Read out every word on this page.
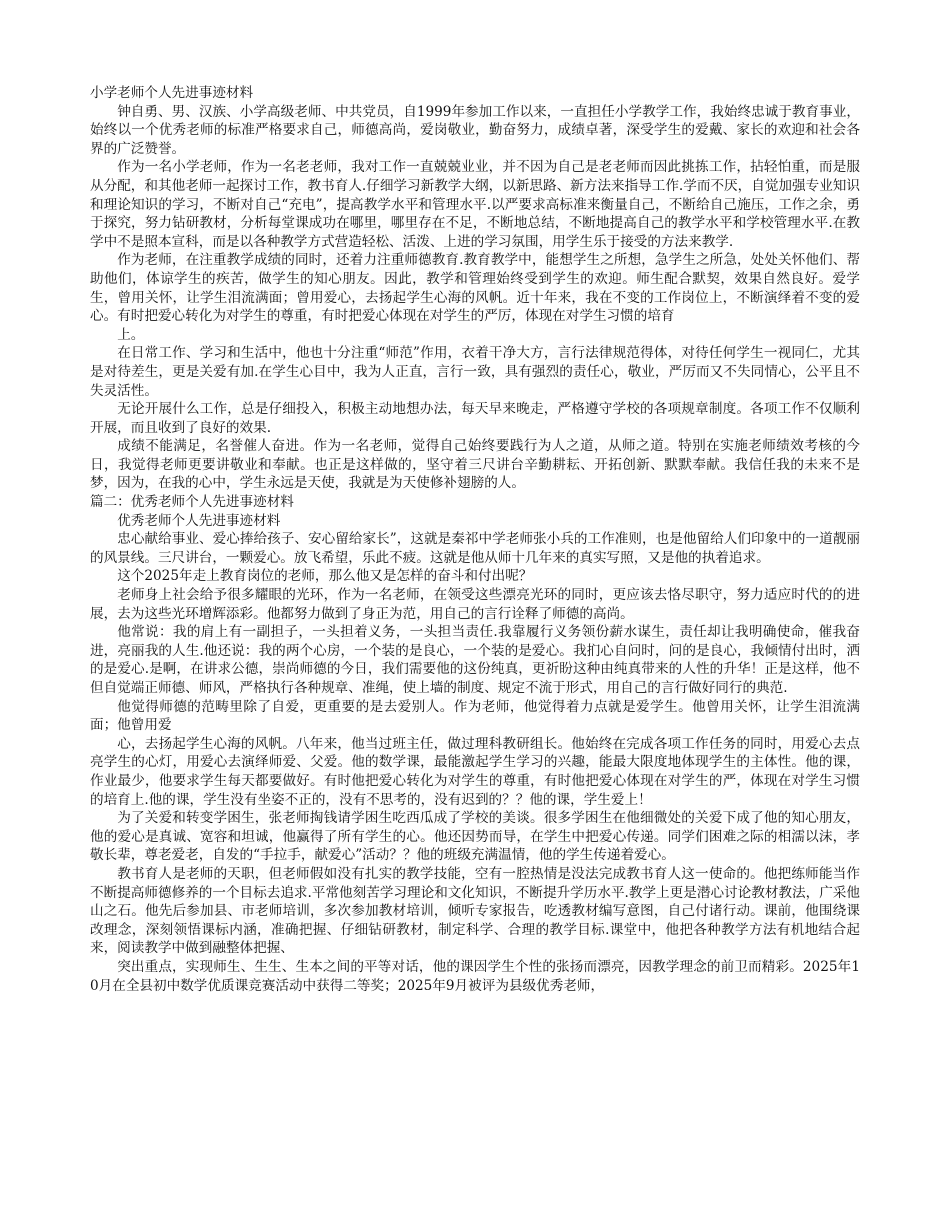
小学老师个人先进事迹材料

钟自勇、男、汉族、小学高级老师、中共党员，自1999年参加工作以来，一直担任小学教学工作，我始终忠诚于教育事业，始终以一个优秀老师的标准严格要求自己，师德高尚，爱岗敬业，勤奋努力，成绩卓著，深受学生的爱戴、家长的欢迎和社会各界的广泛赞誉。

作为一名小学老师，作为一名老老师，我对工作一直兢兢业业，并不因为自己是老老师而因此挑拣工作，拈轻怕重，而是服从分配，和其他老师一起探讨工作，教书育人.仔细学习新教学大纲，以新思路、新方法来指导工作.学而不厌，自觉加强专业知识和理论知识的学习，不断对自己“充电”，提高教学水平和管理水平.以严要求高标准来衡量自己，不断给自己施压，工作之余，勇于探究，努力钻研教材，分析每堂课成功在哪里，哪里存在不足，不断地总结，不断地提高自己的教学水平和学校管理水平.在教学中不是照本宣科，而是以各种教学方式营造轻松、活泼、上进的学习氛围，用学生乐于接受的方法来教学.

作为老师，在注重教学成绩的同时，还着力注重师德教育.教育教学中，能想学生之所想，急学生之所急，处处关怀他们、帮助他们，体谅学生的疾苦，做学生的知心朋友。因此，教学和管理始终受到学生的欢迎。师生配合默契，效果自然良好。爱学生，曾用关怀，让学生泪流满面；曾用爱心，去扬起学生心海的风帆。近十年来，我在不变的工作岗位上，不断演绎着不变的爱心。有时把爱心转化为对学生的尊重，有时把爱心体现在对学生的严厉，体现在对学生习惯的培育

上。

在日常工作、学习和生活中，他也十分注重“师范”作用，衣着干净大方，言行法律规范得体，对待任何学生一视同仁，尤其是对待差生，更是关爱有加.在学生心目中，我为人正直，言行一致，具有强烈的责任心，敬业，严厉而又不失同情心，公平且不失灵活性。

无论开展什么工作，总是仔细投入，积极主动地想办法，每天早来晚走，严格遵守学校的各项规章制度。各项工作不仅顺利开展，而且收到了良好的效果.

成绩不能满足，名誉催人奋进。作为一名老师，觉得自己始终要践行为人之道，从师之道。特别在实施老师绩效考核的今日，我觉得老师更要讲敬业和奉献。也正是这样做的，坚守着三尺讲台辛勤耕耘、开拓创新、默默奉献。我信任我的未来不是梦，因为，在我的心中，学生永远是天使，我就是为天使修补翅膀的人。

篇二：优秀老师个人先进事迹材料

优秀老师个人先进事迹材料

忠心献给事业、爱心捧给孩子、安心留给家长”，这就是秦祁中学老师张小兵的工作准则，也是他留给人们印象中的一道靓丽的风景线。三尺讲台，一颗爱心。放飞希望，乐此不疲。这就是他从师十几年来的真实写照，又是他的执着追求。

这个2025年走上教育岗位的老师，那么他又是怎样的奋斗和付出呢？

老师身上社会给予很多耀眼的光环，作为一名老师，在领受这些漂亮光环的同时，更应该去恪尽职守，努力适应时代的的进展，去为这些光环增辉添彩。他都努力做到了身正为范，用自己的言行诠释了师德的高尚。

他常说：我的肩上有一副担子，一头担着义务，一头担当责任.我靠履行义务领份薪水谋生，责任却让我明确使命，催我奋进，亮丽我的人生.他还说：我的两个心房，一个装的是良心，一个装的是爱心。我扪心自问时，问的是良心，我倾情付出时，洒的是爱心.是啊，在讲求公德，崇尚师德的今日，我们需要他的这份纯真，更祈盼这种由纯真带来的人性的升华！正是这样，他不但自觉端正师德、师风，严格执行各种规章、准绳，使上墙的制度、规定不流于形式，用自己的言行做好同行的典范.

他觉得师德的范畴里除了自爱，更重要的是去爱别人。作为老师，他觉得着力点就是爱学生。他曾用关怀，让学生泪流满面；他曾用爱

心，去扬起学生心海的风帆。八年来，他当过班主任，做过理科教研组长。他始终在完成各项工作任务的同时，用爱心去点亮学生的心灯，用爱心去演绎师爱、父爱。他的数学课，最能激起学生学习的兴趣，能最大限度地体现学生的主体性。他的课，作业最少，他要求学生每天都要做好。有时他把爱心转化为对学生的尊重，有时他把爱心体现在对学生的严，体现在对学生习惯的培育上.他的课，学生没有坐姿不正的，没有不思考的，没有迟到的？？他的课，学生爱上！

为了关爱和转变学困生，张老师掏钱请学困生吃西瓜成了学校的美谈。很多学困生在他细微处的关爱下成了他的知心朋友，他的爱心是真诚、宽容和坦诚，他赢得了所有学生的心。他还因势而导，在学生中把爱心传递。同学们困难之际的相濡以沫，孝敬长辈，尊老爱老，自发的“手拉手，献爱心”活动？？他的班级充满温情，他的学生传递着爱心。

教书育人是老师的天职，但老师假如没有扎实的教学技能，空有一腔热情是没法完成教书育人这一使命的。他把练师能当作不断提高师德修养的一个目标去追求.平常他刻苦学习理论和文化知识，不断提升学历水平.教学上更是潜心讨论教材教法，广采他山之石。他先后参加县、市老师培训，多次参加教材培训，倾听专家报告，吃透教材编写意图，自己付诸行动。课前，他围绕课改理念，深刻领悟课标内涵，准确把握、仔细钻研教材，制定科学、合理的教学目标.课堂中，他把各种教学方法有机地结合起来，阅读教学中做到融整体把握、

突出重点，实现师生、生生、生本之间的平等对话，他的课因学生个性的张扬而漂亮，因教学理念的前卫而精彩。2025年10月在全县初中数学优质课竞赛活动中获得二等奖；2025年9月被评为县级优秀老师，
